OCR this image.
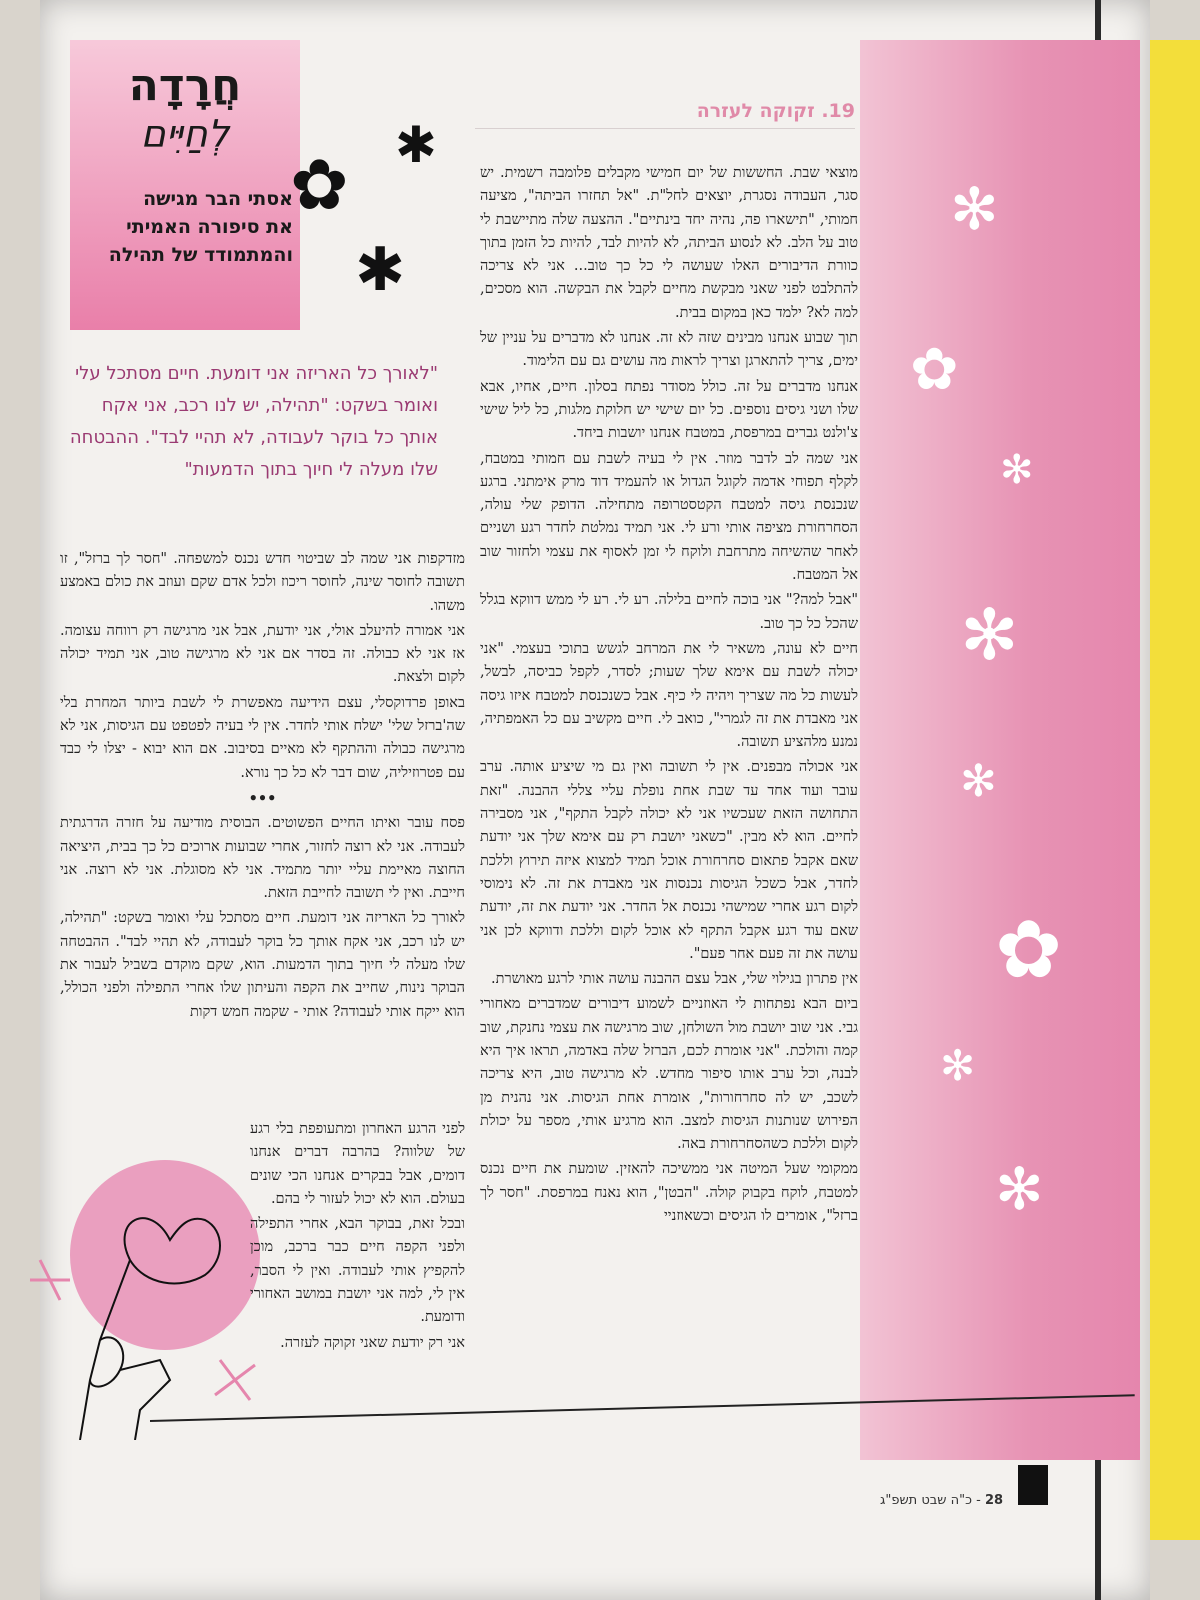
✻
✿
✻
✻
✻
✿
✻
✻
חֲרָדָה
לְחַיִּים
אסתי הבר מגישה
את סיפורה האמיתי
והמתמודד של תהילה
✿ ✱
✱
19. זקוקה לעזרה
"לאורך כל האריזה אני דומעת. חיים מסתכל עלי ואומר בשקט: "תהילה, יש לנו רכב, אני אקח אותך כל בוקר לעבודה, לא תהיי לבד". ההבטחה שלו מעלה לי חיוך בתוך הדמעות"

מוצאי שבת. החששות של יום חמישי מקבלים פלומבה רשמית. יש סגר, העבודה נסגרת, יוצאים לחל"ת. "אל תחזרו הביתה", מציעה חמותי, "תישארו פה, נהיה יחד בינתיים". ההצעה שלה מתיישבת לי טוב על הלב. לא לנסוע הביתה, לא להיות לבד, להיות כל הזמן בתוך כוורת הדיבורים האלו שעושה לי כל כך טוב... אני לא צריכה להתלבט לפני שאני מבקשת מחיים לקבל את הבקשה. הוא מסכים, למה לא? ילמד כאן במקום בבית.

תוך שבוע אנחנו מבינים שזה לא זה. אנחנו לא מדברים על עניין של ימים, צריך להתארגן וצריך לראות מה עושים גם עם הלימוד.

אנחנו מדברים על זה. כולל מסודר נפתח בסלון. חיים, אחיו, אבא שלו ושני גיסים נוספים. כל יום שישי יש חלוקת מלגות, כל ליל שישי צ'ולנט גברים במרפסת, במטבח אנחנו יושבות ביחד.

אני שמה לב לדבר מוזר. אין לי בעיה לשבת עם חמותי במטבח, לקלף תפוחי אדמה לקוגל הגדול או להעמיד דוד מרק אימתני. ברגע שנכנסת גיסה למטבח הקטסטרופה מתחילה. הדופק שלי עולה, הסחרחורת מציפה אותי ורע לי. אני תמיד נמלטת לחדר רגע ושניים לאחר שהשיחה מתרחבת ולוקח לי זמן לאסוף את עצמי ולחזור שוב אל המטבח.

"אבל למה?" אני בוכה לחיים בלילה. רע לי. רע לי ממש דווקא בגלל שהכל כל כך טוב.

חיים לא עונה, משאיר לי את המרחב לגשש בתוכי בעצמי. "אני יכולה לשבת עם אימא שלך שעות; לסדר, לקפל כביסה, לבשל, לעשות כל מה שצריך ויהיה לי כיף. אבל כשנכנסת למטבח איזו גיסה אני מאבדת את זה לגמרי", כואב לי. חיים מקשיב עם כל האמפתיה, נמנע מלהציע תשובה.

אני אכולה מבפנים. אין לי תשובה ואין גם מי שיציע אותה. ערב עובר ועוד אחד עד שבת אחת נופלת עליי צללי ההבנה. "זאת התחושה הזאת שעכשיו אני לא יכולה לקבל התקף", אני מסבירה לחיים. הוא לא מבין. "כשאני יושבת רק עם אימא שלך אני יודעת שאם אקבל פתאום סחרחורת אוכל תמיד למצוא איזה תירוץ וללכת לחדר, אבל כשכל הגיסות נכנסות אני מאבדת את זה. לא נימוסי לקום רגע אחרי שמישהי נכנסת אל החדר. אני יודעת את זה, יודעת שאם עוד רגע אקבל התקף לא אוכל לקום וללכת ודווקא לכן אני עושה את זה פעם אחר פעם".

אין פתרון בגילוי שלי, אבל עצם ההבנה עושה אותי לרגע מאושרת.

ביום הבא נפתחות לי האוזניים לשמוע דיבורים שמדברים מאחורי גבי. אני שוב יושבת מול השולחן, שוב מרגישה את עצמי נחנקת, שוב קמה והולכת. "אני אומרת לכם, הברזל שלה באדמה, תראו איך היא לבנה, וכל ערב אותו סיפור מחדש. לא מרגישה טוב, היא צריכה לשכב, יש לה סחרחורות", אומרת אחת הגיסות. אני נהנית מן הפירוש שנותנות הגיסות למצב. הוא מרגיע אותי, מספר על יכולת לקום וללכת כשהסחרחורת באה.

ממקומי שעל המיטה אני ממשיכה להאזין. שומעת את חיים נכנס למטבח, לוקח בקבוק קולה. "הבטן", הוא נאנח במרפסת. "חסר לך ברזל", אומרים לו הגיסים וכשאוזניי

מזדקפות אני שמה לב שביטוי חדש נכנס למשפחה. "חסר לך ברזל", זו תשובה לחוסר שינה, לחוסר ריכוז ולכל אדם שקם ועוזב את כולם באמצע משהו.

אני אמורה להיעלב אולי, אני יודעת, אבל אני מרגישה רק רווחה עצומה. אז אני לא כבולה. זה בסדר אם אני לא מרגישה טוב, אני תמיד יכולה לקום ולצאת.

באופן פרדוקסלי, עצם הידיעה מאפשרת לי לשבת ביותר המחרת בלי שה'ברזל שלי' ישלח אותי לחדר. אין לי בעיה לפטפט עם הגיסות, אני לא מרגישה כבולה וההתקף לא מאיים בסיבוב. אם הוא יבוא - יצלו לי כבד עם פטרוזיליה, שום דבר לא כל כך נורא.

•••

פסח עובר ואיתו החיים הפשוטים. הבוסית מודיעה על חזרה הדרגתית לעבודה. אני לא רוצה לחזור, אחרי שבועות ארוכים כל כך בבית, היציאה החוצה מאיימת עליי יותר מתמיד. אני לא מסוגלת. אני לא רוצה. אני חייבת. ואין לי תשובה לחייבת הזאת.

לאורך כל האריזה אני דומעת. חיים מסתכל עלי ואומר בשקט: "תהילה, יש לנו רכב, אני אקח אותך כל בוקר לעבודה, לא תהיי לבד". ההבטחה שלו מעלה לי חיוך בתוך הדמעות. הוא, שקם מוקדם בשביל לעבור את הבוקר נינוח, שחייב את הקפה והעיתון שלו אחרי התפילה ולפני הכולל, הוא ייקח אותי לעבודה? אותי - שקמה חמש דקות

לפני הרגע האחרון ומתעופפת בלי רגע של שלווה? בהרבה דברים אנחנו דומים, אבל בבקרים אנחנו הכי שונים בעולם. הוא לא יכול לעזור לי בהם.

ובכל זאת, בבוקר הבא, אחרי התפילה ולפני הקפה חיים כבר ברכב, מוכן להקפיץ אותי לעבודה. ואין לי הסבר, אין לי, למה אני יושבת במושב האחורי ודומעת.

אני רק יודעת שאני זקוקה לעזרה.

28 - כ"ה שבט תשפ"ג
